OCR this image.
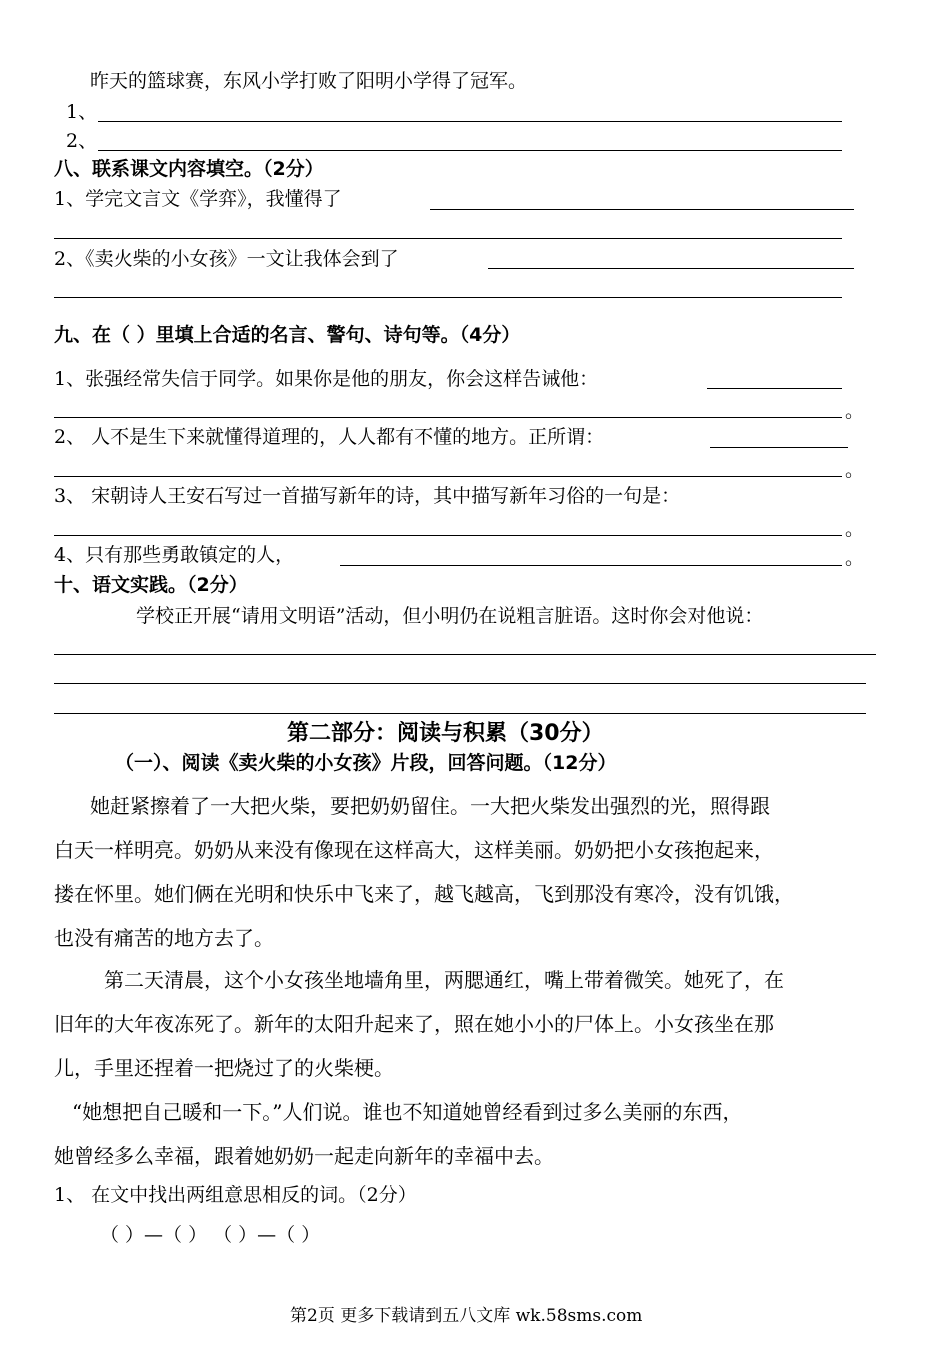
昨天的篮球赛，东风小学打败了阳明小学得了冠军。
1、
2、
八、联系课文内容填空。（2分）
1、学完文言文《学弈》，我懂得了
2、《卖火柴的小女孩》一文让我体会到了
九、在（ ）里填上合适的名言、警句、诗句等。（4分）
1、张强经常失信于同学。如果你是他的朋友，你会这样告诫他：
。
2、 人不是生下来就懂得道理的，人人都有不懂的地方。正所谓：
。
3、 宋朝诗人王安石写过一首描写新年的诗，其中描写新年习俗的一句是：
。
4、只有那些勇敢镇定的人，	。
十、语文实践。（2分）
学校正开展“请用文明语”活动，但小明仍在说粗言脏语。这时你会对他说：
第二部分：阅读与积累（30分）
（一）、阅读《卖火柴的小女孩》片段，回答问题。（12分）
她赶紧擦着了一大把火柴，要把奶奶留住。一大把火柴发出强烈的光，照得跟
白天一样明亮。奶奶从来没有像现在这样高大，这样美丽。奶奶把小女孩抱起来，
搂在怀里。她们俩在光明和快乐中飞来了，越飞越高，飞到那没有寒冷，没有饥饿，
也没有痛苦的地方去了。
第二天清晨，这个小女孩坐地墙角里，两腮通红，嘴上带着微笑。她死了，在
旧年的大年夜冻死了。新年的太阳升起来了，照在她小小的尸体上。小女孩坐在那
儿，手里还捏着一把烧过了的火柴梗。
“她想把自己暖和一下。”人们说。谁也不知道她曾经看到过多么美丽的东西，
她曾经多么幸福，跟着她奶奶一起走向新年的幸福中去。
1、 在文中找出两组意思相反的词。（2分）
（ ）—（ ） （ ）—（ ）
第2页 更多下载请到五八文库 wk.58sms.com
